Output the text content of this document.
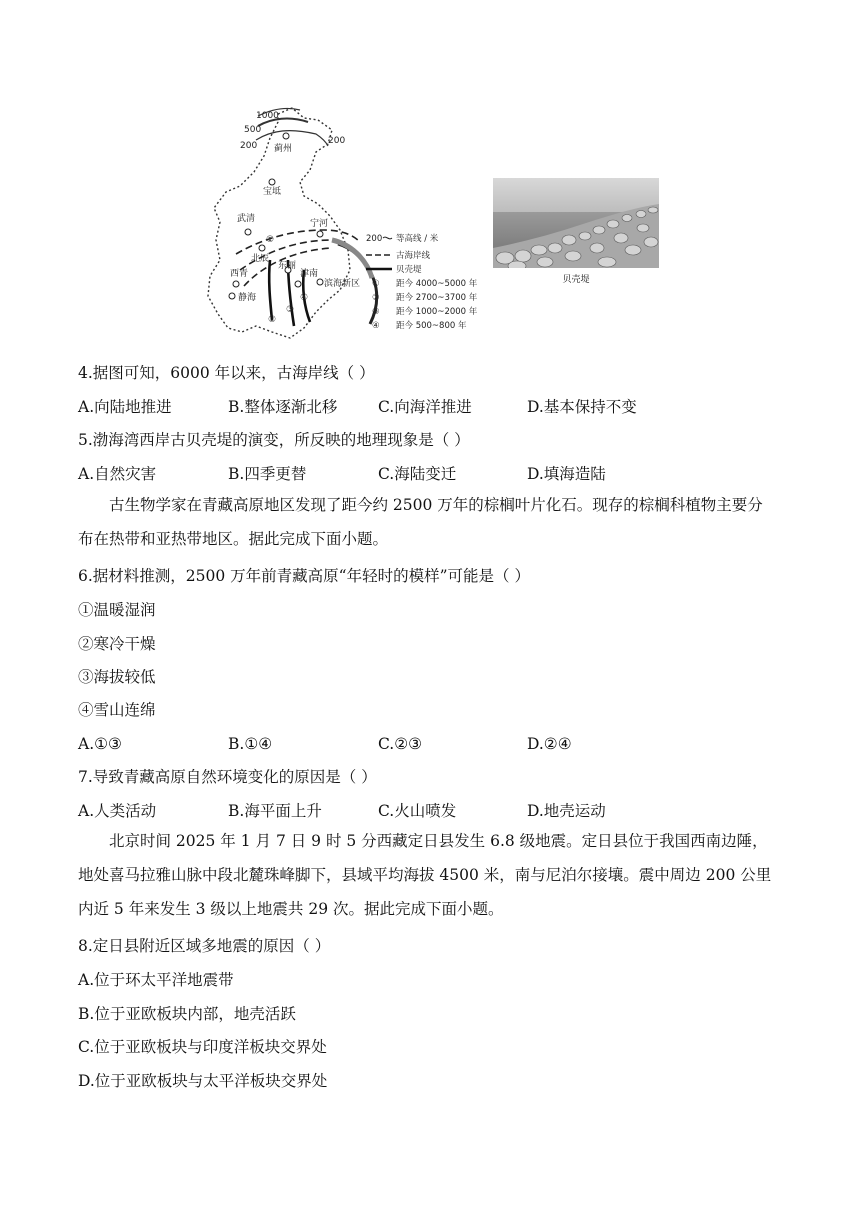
1000
500
200	200
蓟州
宝坻
武清	宁河
北辰
东丽
津南
西青
静海
滨海新区
①
②
③
④
200 等高线 / 米
古海岸线
贝壳堤
① 距今 4000~5000 年
② 距今 2700~3700 年
③ 距今 1000~2000 年
④ 距今 500~800 年
贝壳堤
4.据图可知，6000 年以来，古海岸线（ ）
A.向陆地推进	B.整体逐渐北移	C.向海洋推进	D.基本保持不变
5.渤海湾西岸古贝壳堤的演变，所反映的地理现象是（ ）
A.自然灾害	B.四季更替	C.海陆变迁	D.填海造陆
古生物学家在青藏高原地区发现了距今约 2500 万年的棕榈叶片化石。现存的棕榈科植物主要分布在热带和亚热带地区。据此完成下面小题。
6.据材料推测，2500 万年前青藏高原“年轻时的模样”可能是（ ）
①温暖湿润
②寒冷干燥
③海拔较低
④雪山连绵
A.①③	B.①④	C.②③	D.②④
7.导致青藏高原自然环境变化的原因是（ ）
A.人类活动	B.海平面上升	C.火山喷发	D.地壳运动
北京时间 2025 年 1 月 7 日 9 时 5 分西藏定日县发生 6.8 级地震。定日县位于我国西南边陲，地处喜马拉雅山脉中段北麓珠峰脚下，县域平均海拔 4500 米，南与尼泊尔接壤。震中周边 200 公里内近 5 年来发生 3 级以上地震共 29 次。据此完成下面小题。
8.定日县附近区域多地震的原因（ ）
A.位于环太平洋地震带
B.位于亚欧板块内部，地壳活跃
C.位于亚欧板块与印度洋板块交界处
D.位于亚欧板块与太平洋板块交界处
